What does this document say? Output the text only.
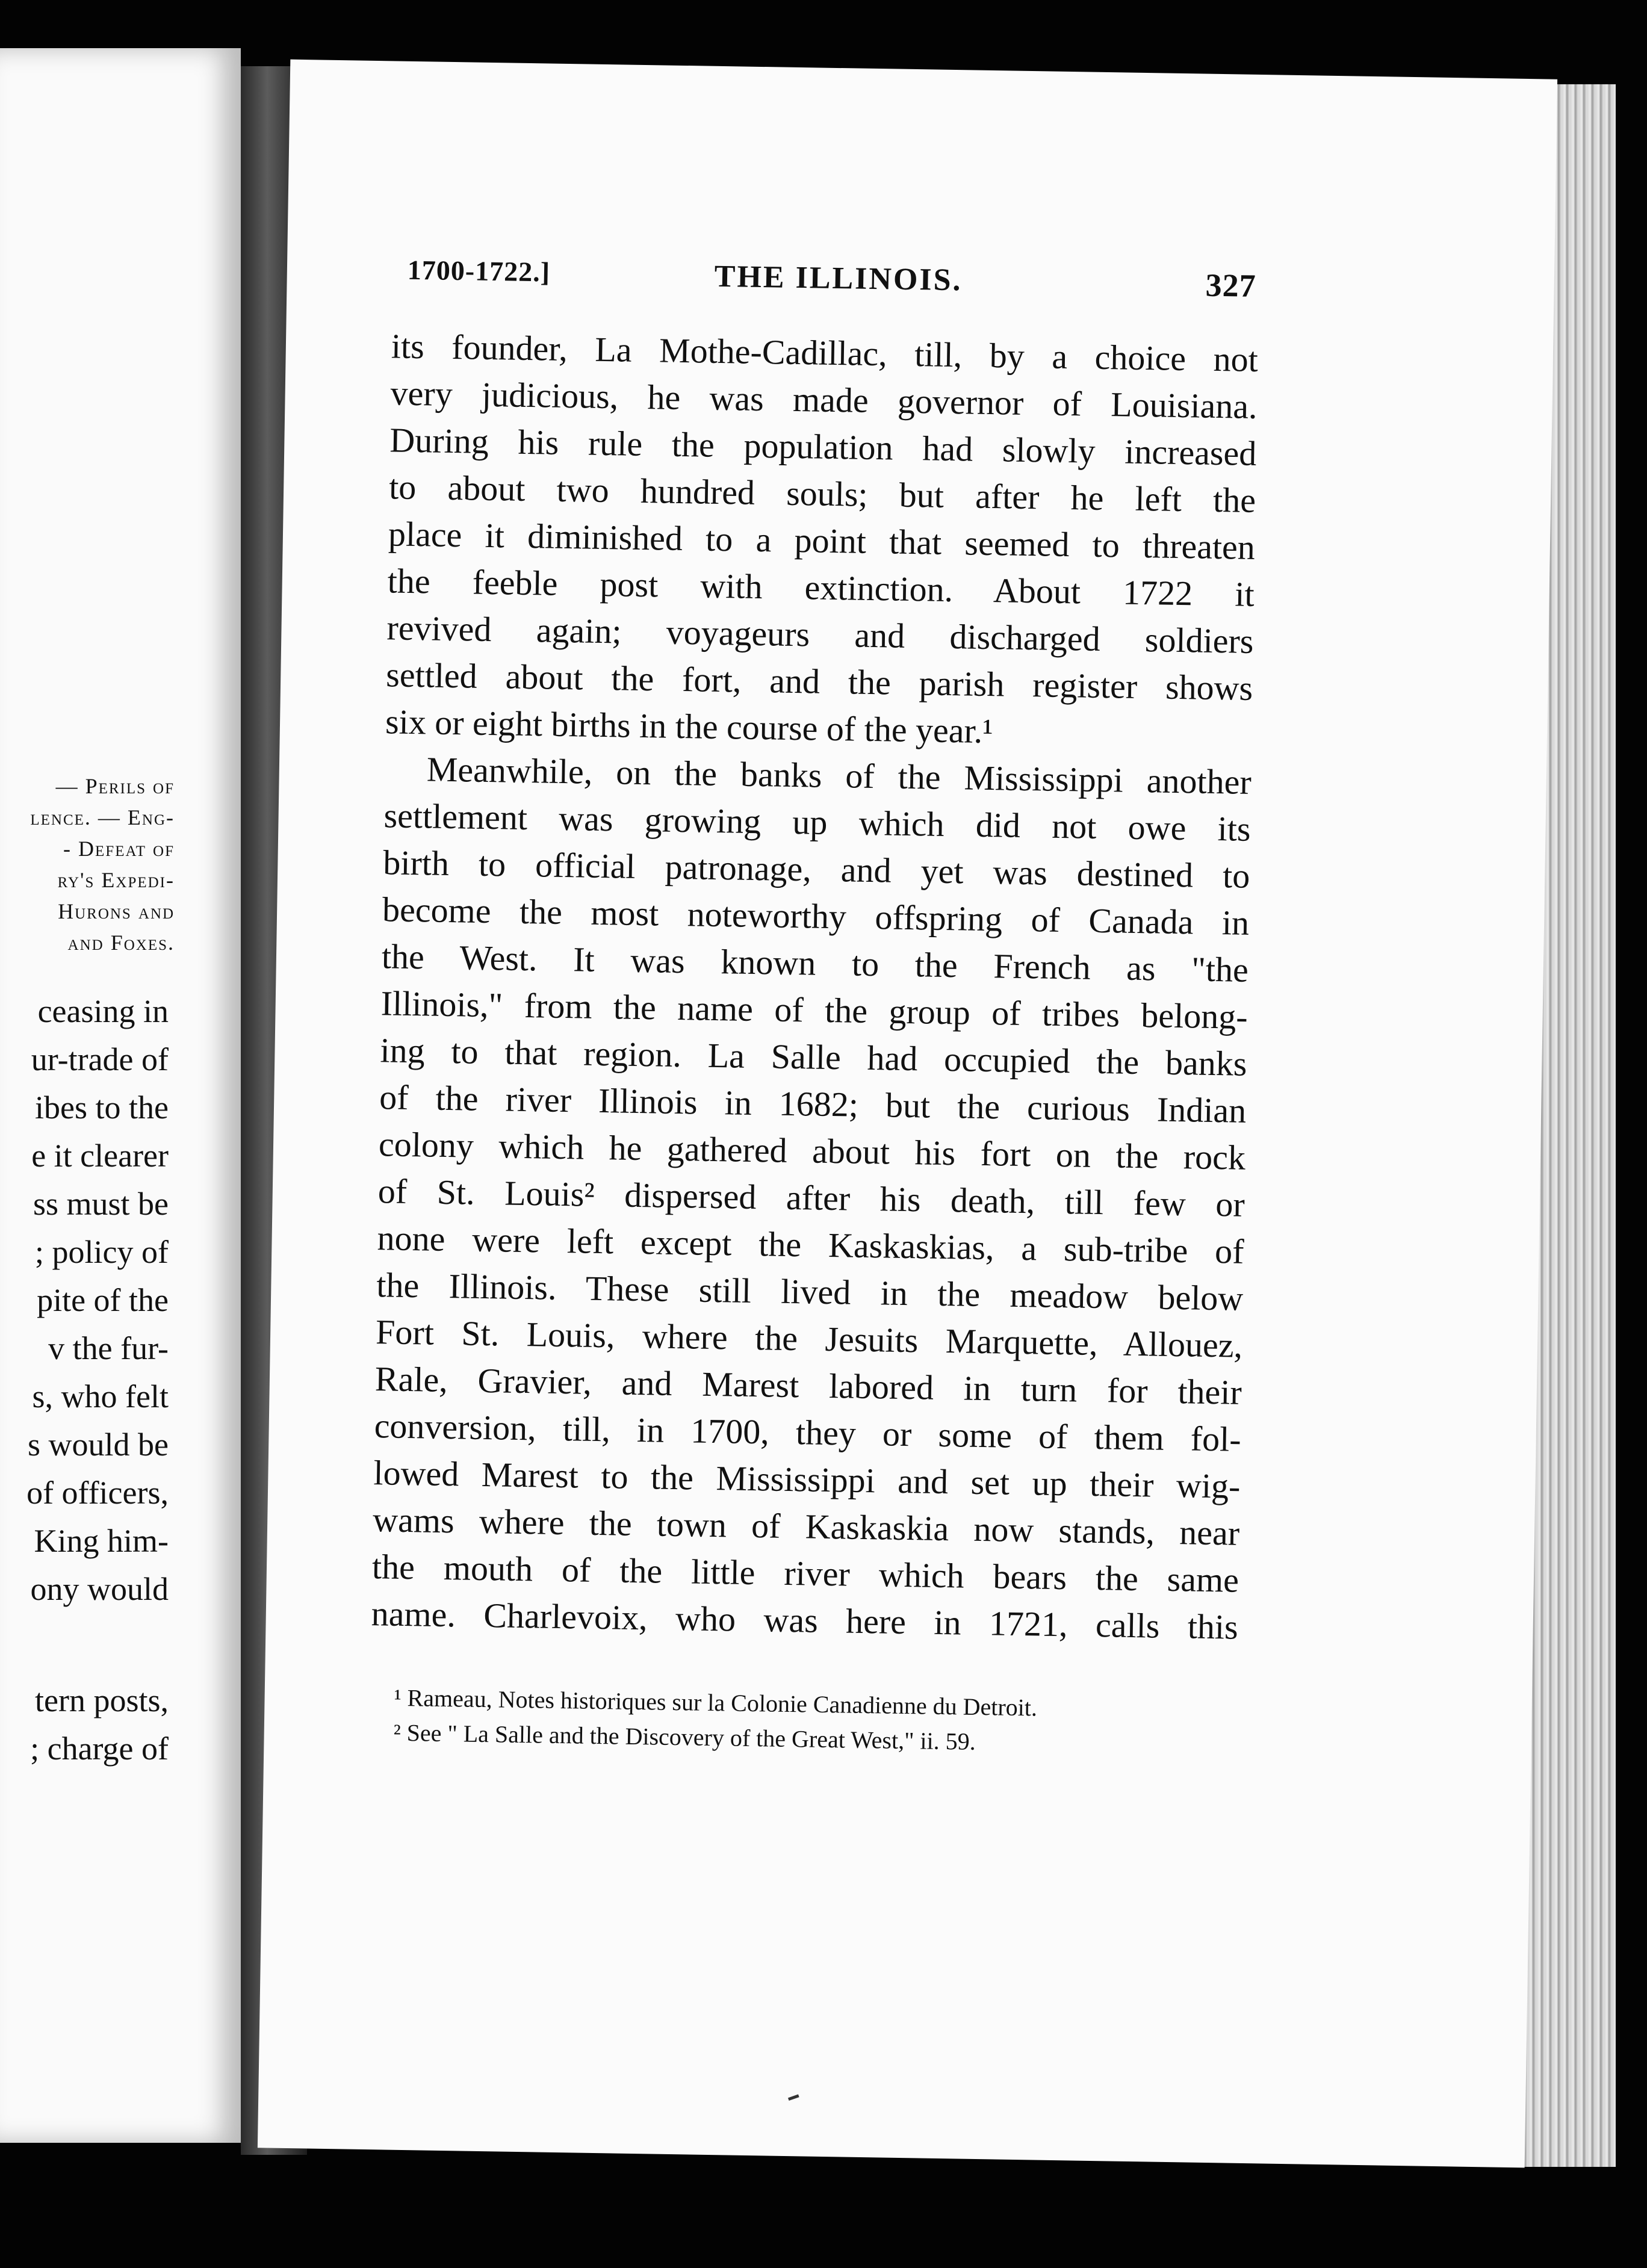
— Perils of
lence. — Eng-
- Defeat of
ry's Expedi-
Hurons and
and Foxes.
ceasing in
ur-trade of
ibes to the
e it clearer
ss must be
; policy of
pite of the
v the fur-
s, who felt
s would be
of officers,
King him-
ony would
tern posts,
; charge of
1700-1722.]	THE ILLINOIS.	327
its founder, La Mothe-Cadillac, till, by a choice not
very judicious, he was made governor of Louisiana.
During his rule the population had slowly increased
to about two hundred souls; but after he left the
place it diminished to a point that seemed to threaten
the feeble post with extinction. About 1722 it
revived again; voyageurs and discharged soldiers
settled about the fort, and the parish register shows
six or eight births in the course of the year.¹
Meanwhile, on the banks of the Mississippi another
settlement was growing up which did not owe its
birth to official patronage, and yet was destined to
become the most noteworthy offspring of Canada in
the West. It was known to the French as "the
Illinois," from the name of the group of tribes belong-
ing to that region. La Salle had occupied the banks
of the river Illinois in 1682; but the curious Indian
colony which he gathered about his fort on the rock
of St. Louis² dispersed after his death, till few or
none were left except the Kaskaskias, a sub-tribe of
the Illinois. These still lived in the meadow below
Fort St. Louis, where the Jesuits Marquette, Allouez,
Rale, Gravier, and Marest labored in turn for their
conversion, till, in 1700, they or some of them fol-
lowed Marest to the Mississippi and set up their wig-
wams where the town of Kaskaskia now stands, near
the mouth of the little river which bears the same
name. Charlevoix, who was here in 1721, calls this
¹ Rameau, Notes historiques sur la Colonie Canadienne du Detroit.
² See " La Salle and the Discovery of the Great West," ii. 59.
